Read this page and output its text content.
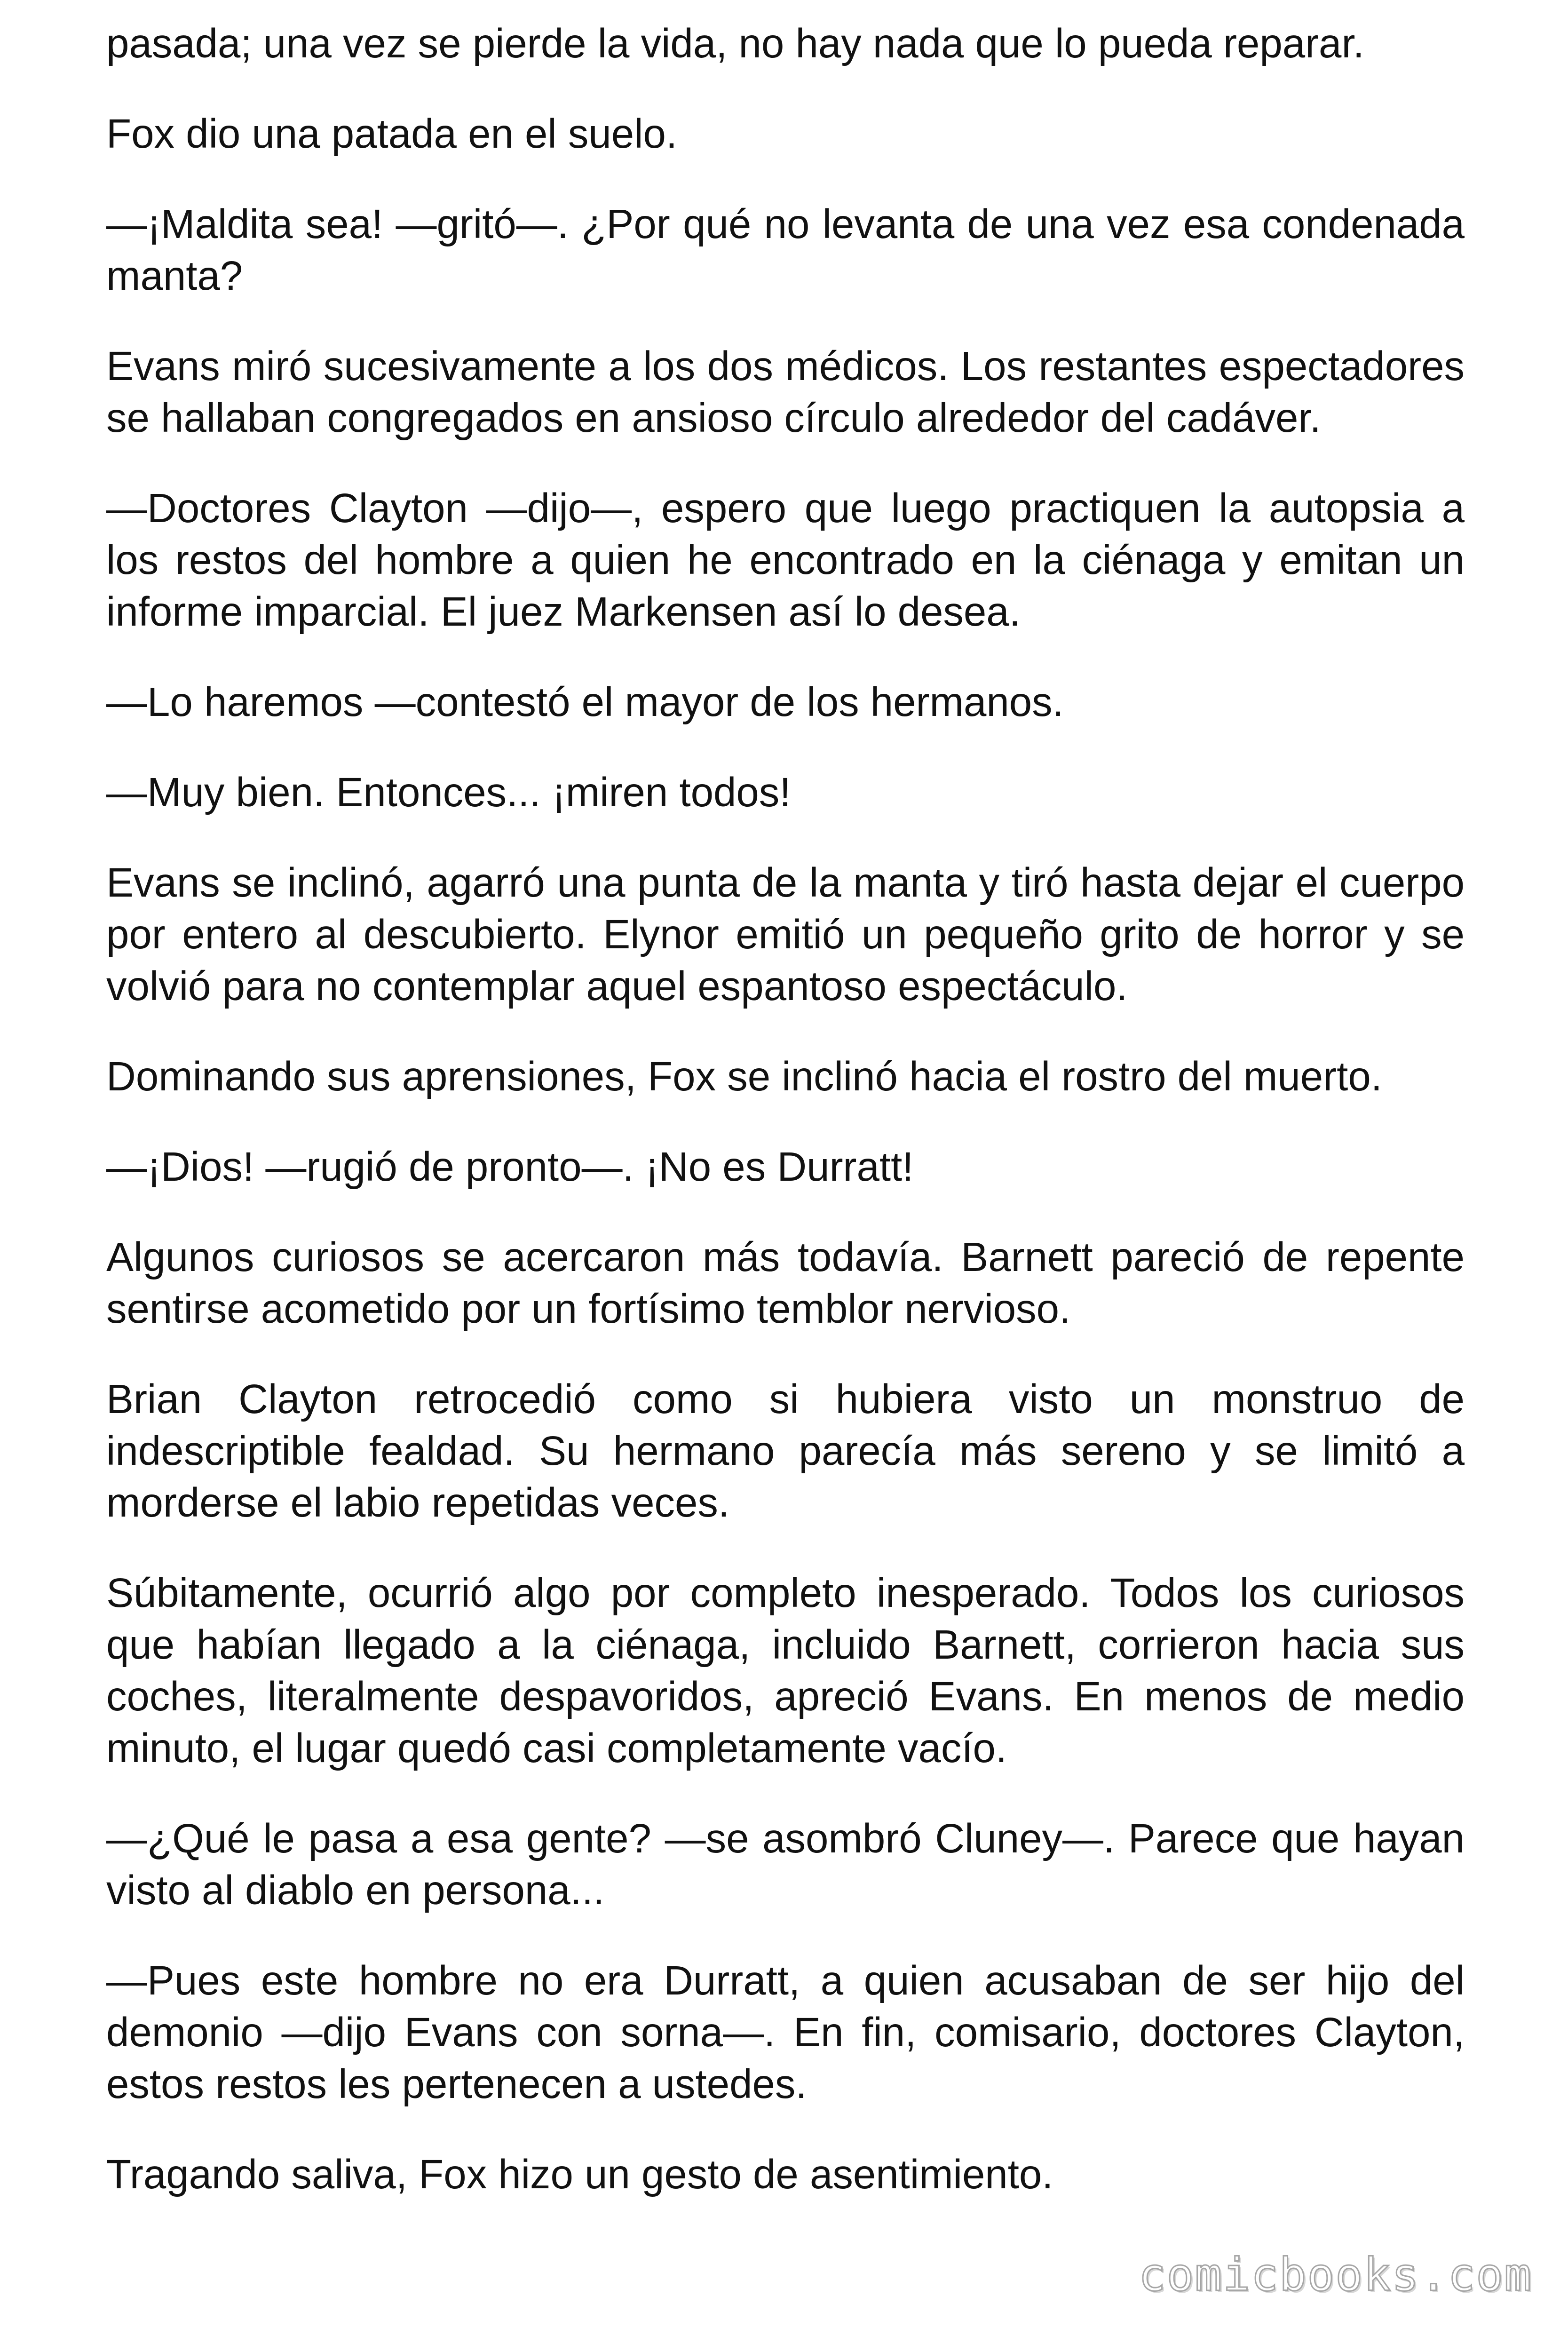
pasada; una vez se pierde la vida, no hay nada que lo pueda reparar.

Fox dio una patada en el suelo.

—¡Maldita sea! —gritó—. ¿Por qué no levanta de una vez esa condenada manta?

Evans miró sucesivamente a los dos médicos. Los restantes espectadores se hallaban congregados en ansioso círculo alrededor del cadáver.

—Doctores Clayton —dijo—, espero que luego practiquen la autopsia a los restos del hombre a quien he encontrado en la ciénaga y emitan un informe imparcial. El juez Markensen así lo desea.

—Lo haremos —contestó el mayor de los hermanos.

—Muy bien. Entonces... ¡miren todos!

Evans se inclinó, agarró una punta de la manta y tiró hasta dejar el cuerpo por entero al descubierto. Elynor emitió un pequeño grito de horror y se volvió para no contemplar aquel espantoso espectáculo.

Dominando sus aprensiones, Fox se inclinó hacia el rostro del muerto.

—¡Dios! —rugió de pronto—. ¡No es Durratt!

Algunos curiosos se acercaron más todavía. Barnett pareció de repente sentirse acometido por un fortísimo temblor nervioso.

Brian Clayton retrocedió como si hubiera visto un monstruo de indescriptible fealdad. Su hermano parecía más sereno y se limitó a morderse el labio repetidas veces.

Súbitamente, ocurrió algo por completo inesperado. Todos los curiosos que habían llegado a la ciénaga, incluido Barnett, corrieron hacia sus coches, literalmente despavoridos, apreció Evans. En menos de medio minuto, el lugar quedó casi completamente vacío.

—¿Qué le pasa a esa gente? —se asombró Cluney—. Parece que hayan visto al diablo en persona...

—Pues este hombre no era Durratt, a quien acusaban de ser hijo del demonio —dijo Evans con sorna—. En fin, comisario, doctores Clayton, estos restos les pertenecen a ustedes.

Tragando saliva, Fox hizo un gesto de asentimiento.

comicbooks.com
